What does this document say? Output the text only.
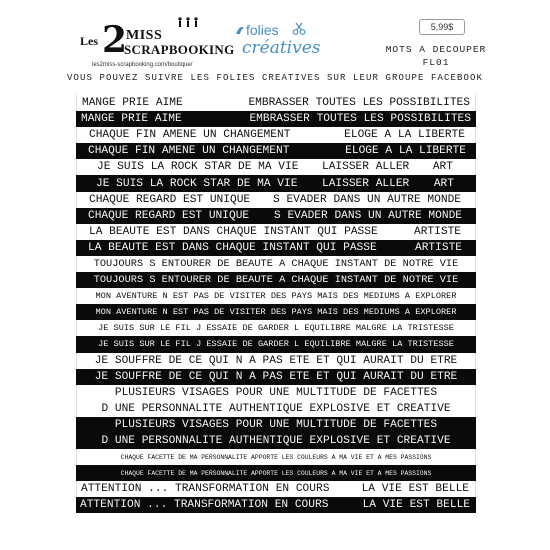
Les 2
MISS
SCRAPBOOKING
les2miss-scrapbooking.com/boutique/
folies
créatives
5,99$
MOTS A DECOUPER
FL01
VOUS POUVEZ SUIVRE LES FOLIES CREATIVES SUR LEUR GROUPE FACEBOOK
MANGE PRIE AIME	EMBRASSER TOUTES LES POSSIBILITES
MANGE PRIE AIME	EMBRASSER TOUTES LES POSSIBILITES
CHAQUE FIN AMENE UN CHANGEMENT	ELOGE A LA LIBERTE
CHAQUE FIN AMENE UN CHANGEMENT	ELOGE A LA LIBERTE
JE SUIS LA ROCK STAR DE MA VIE LAISSER ALLER ART
JE SUIS LA ROCK STAR DE MA VIE LAISSER ALLER ART
CHAQUE REGARD EST UNIQUE S EVADER DANS UN AUTRE MONDE
CHAQUE REGARD EST UNIQUE S EVADER DANS UN AUTRE MONDE
LA BEAUTE EST DANS CHAQUE INSTANT QUI PASSE	ARTISTE
LA BEAUTE EST DANS CHAQUE INSTANT QUI PASSE	ARTISTE
TOUJOURS S ENTOURER DE BEAUTE A CHAQUE INSTANT DE NOTRE VIE
TOUJOURS S ENTOURER DE BEAUTE A CHAQUE INSTANT DE NOTRE VIE
MON AVENTURE N EST PAS DE VISITER DES PAYS MAIS DES MEDIUMS A EXPLORER
MON AVENTURE N EST PAS DE VISITER DES PAYS MAIS DES MEDIUMS A EXPLORER
JE SUIS SUR LE FIL J ESSAIE DE GARDER L EQUILIBRE MALGRE LA TRISTESSE
JE SUIS SUR LE FIL J ESSAIE DE GARDER L EQUILIBRE MALGRE LA TRISTESSE
JE SOUFFRE DE CE QUI N A PAS ETE ET QUI AURAIT DU ETRE
JE SOUFFRE DE CE QUI N A PAS ETE ET QUI AURAIT DU ETRE
PLUSIEURS VISAGES POUR UNE MULTITUDE DE FACETTES
D UNE PERSONNALITE AUTHENTIQUE EXPLOSIVE ET CREATIVE
PLUSIEURS VISAGES POUR UNE MULTITUDE DE FACETTES
D UNE PERSONNALITE AUTHENTIQUE EXPLOSIVE ET CREATIVE
CHAQUE FACETTE DE MA PERSONNALITE APPORTE LES COULEURS A MA VIE ET A MES PASSIONS
CHAQUE FACETTE DE MA PERSONNALITE APPORTE LES COULEURS A MA VIE ET A MES PASSIONS
ATTENTION ... TRANSFORMATION EN COURS	LA VIE EST BELLE
ATTENTION ... TRANSFORMATION EN COURS	LA VIE EST BELLE
